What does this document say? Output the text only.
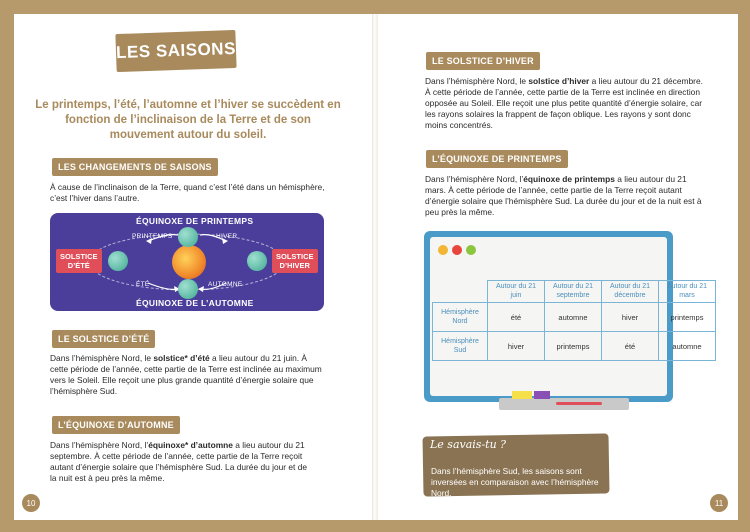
LES SAISONS
Le printemps, l’été, l’automne et l’hiver se succèdent en fonction de l’inclinaison de la Terre et de son mouvement autour du soleil.
LES CHANGEMENTS DE SAISONS
À cause de l’inclinaison de la Terre, quand c’est l’été dans un hémisphère, c’est l’hiver dans l’autre.
ÉQUINOXE DE PRINTEMPS
ÉQUINOXE DE L’AUTOMNE
SOLSTICE
D’ÉTÉ
SOLSTICE
D’HIVER
PRINTEMPS	HIVER
ÉTÉ	AUTOMNE
LE SOLSTICE D’ÉTÉ
Dans l’hémisphère Nord, le solstice* d’été a lieu autour du 21 juin. À cette période de l’année, cette partie de la Terre est inclinée au maximum vers le Soleil. Elle reçoit une plus grande quantité d’énergie solaire que l’hémisphère Sud.
L’ÉQUINOXE D’AUTOMNE
Dans l’hémisphère Nord, l’équinoxe* d’automne a lieu autour du 21 septembre. À cette période de l’année, cette partie de la Terre reçoit autant d’énergie solaire que l’hémisphère Sud. La durée du jour et de la nuit est à peu près la même.
10
LE SOLSTICE D’HIVER
Dans l’hémisphère Nord, le solstice d’hiver a lieu autour du 21 décembre. À cette période de l’année, cette partie de la Terre est inclinée en direction opposée au Soleil. Elle reçoit une plus petite quantité d’énergie solaire, car les rayons solaires la frappent de façon oblique. Les rayons y sont donc moins concentrés.
L’ÉQUINOXE DE PRINTEMPS
Dans l’hémisphère Nord, l’équinoxe de printemps a lieu autour du 21 mars. À cette période de l’année, cette partie de la Terre reçoit autant d’énergie solaire que l’hémisphère Sud. La durée du jour et de la nuit est à peu près la même.
	Autour du 21 juin	Autour du 21 septembre	Autour du 21 décembre	Autour du 21 mars
Hémisphère Nord	été	automne	hiver	printemps
Hémisphère Sud	hiver	printemps	été	automne
Le savais-tu ?
Dans l’hémisphère Sud, les saisons sont inversées en comparaison avec l’hémisphère Nord.
11
